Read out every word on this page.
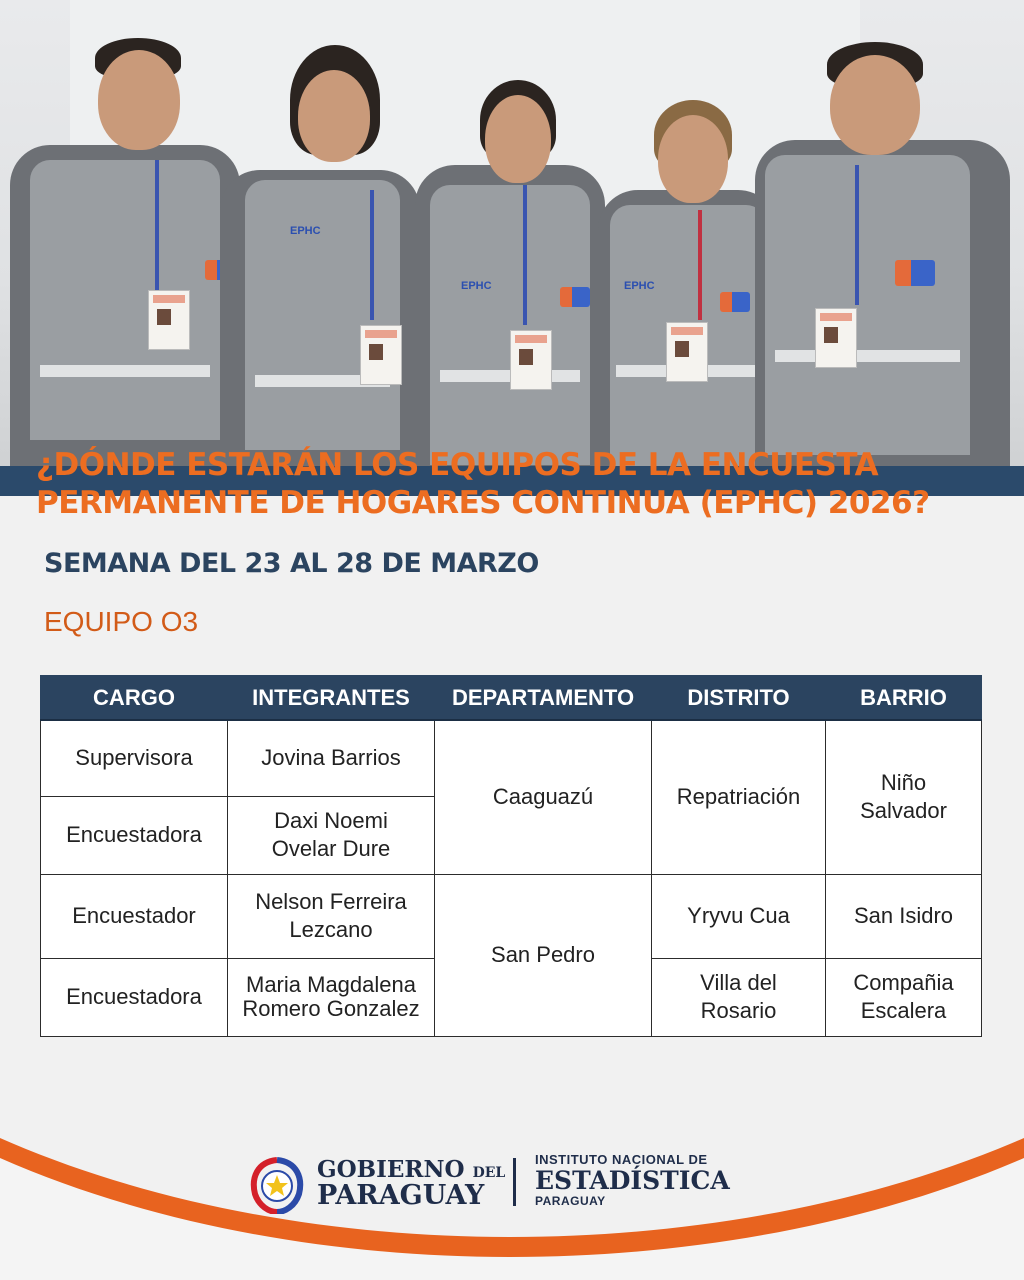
EPHC
EPHC	EPHC
¿DÓNDE ESTARÁN LOS EQUIPOS DE LA ENCUESTA
PERMANENTE DE HOGARES CONTINUA (EPHC) 2026?
SEMANA DEL 23 AL 28 DE MARZO
EQUIPO O3
CARGO	INTEGRANTES	DEPARTAMENTO	DISTRITO	BARRIO
Supervisora	Jovina Barrios	Caaguazú	Repatriación	Niño Salvador
Encuestadora	Daxi Noemi Ovelar Dure			
Encuestador	Nelson Ferreira Lezcano	San Pedro	Yryvu Cua	San Isidro
Encuestadora	Maria Magdalena Romero Gonzalez		Villa del Rosario	Compañia Escalera
GOBIERNO DEL
PARAGUAY
INSTITUTO NACIONAL DE
ESTADÍSTICA
PARAGUAY
